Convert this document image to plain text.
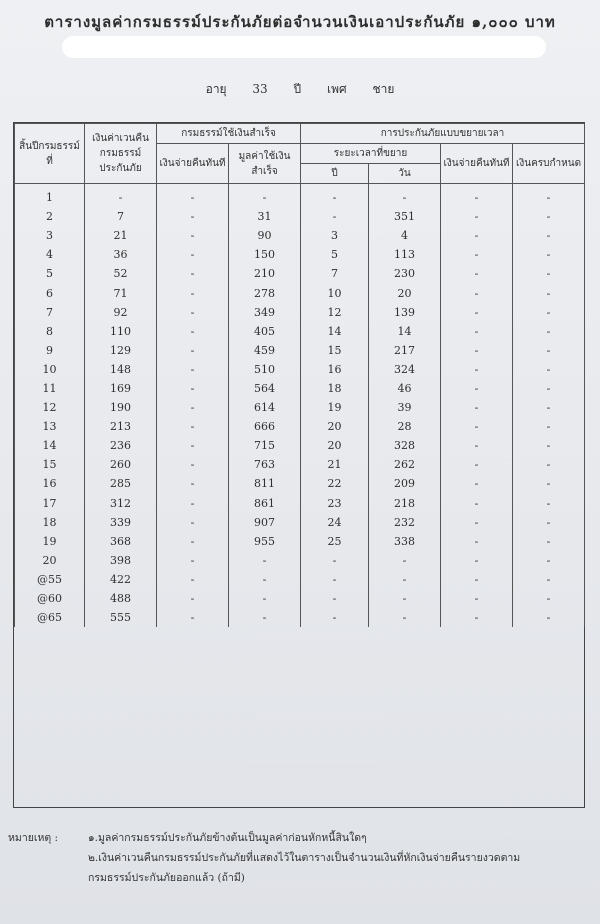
ตารางมูลค่ากรมธรรม์ประกันภัยต่อจำนวนเงินเอาประกันภัย ๑,๐๐๐ บาท
อายุ 33 ปี เพศ ชาย
สิ้นปีกรมธรรม์ที่	เงินค่าเวนคืนกรมธรรม์ประกันภัย	กรมธรรม์ใช้เงินสำเร็จ		การประกันภัยแบบขยายเวลา			
		เงินจ่ายคืนทันที	มูลค่าใช้เงินสำเร็จ	ระยะเวลาที่ขยาย		เงินจ่ายคืนทันที	เงินครบกำหนด
				ปี	วัน		
1	-	-	-	-	-	-	-
2	7	-	31	-	351	-	-
3	21	-	90	3	4	-	-
4	36	-	150	5	113	-	-
5	52	-	210	7	230	-	-
6	71	-	278	10	20	-	-
7	92	-	349	12	139	-	-
8	110	-	405	14	14	-	-
9	129	-	459	15	217	-	-
10	148	-	510	16	324	-	-
11	169	-	564	18	46	-	-
12	190	-	614	19	39	-	-
13	213	-	666	20	28	-	-
14	236	-	715	20	328	-	-
15	260	-	763	21	262	-	-
16	285	-	811	22	209	-	-
17	312	-	861	23	218	-	-
18	339	-	907	24	232	-	-
19	368	-	955	25	338	-	-
20	398	-	-	-	-	-	-
@55	422	-	-	-	-	-	-
@60	488	-	-	-	-	-	-
@65	555	-	-	-	-	-	-
หมายเหตุ :	๑.มูลค่ากรมธรรม์ประกันภัยข้างต้นเป็นมูลค่าก่อนหักหนี้สินใดๆ
๒.เงินค่าเวนคืนกรมธรรม์ประกันภัยที่แสดงไว้ในตารางเป็นจำนวนเงินที่หักเงินจ่ายคืนรายงวดตาม
กรมธรรม์ประกันภัยออกแล้ว (ถ้ามี)
